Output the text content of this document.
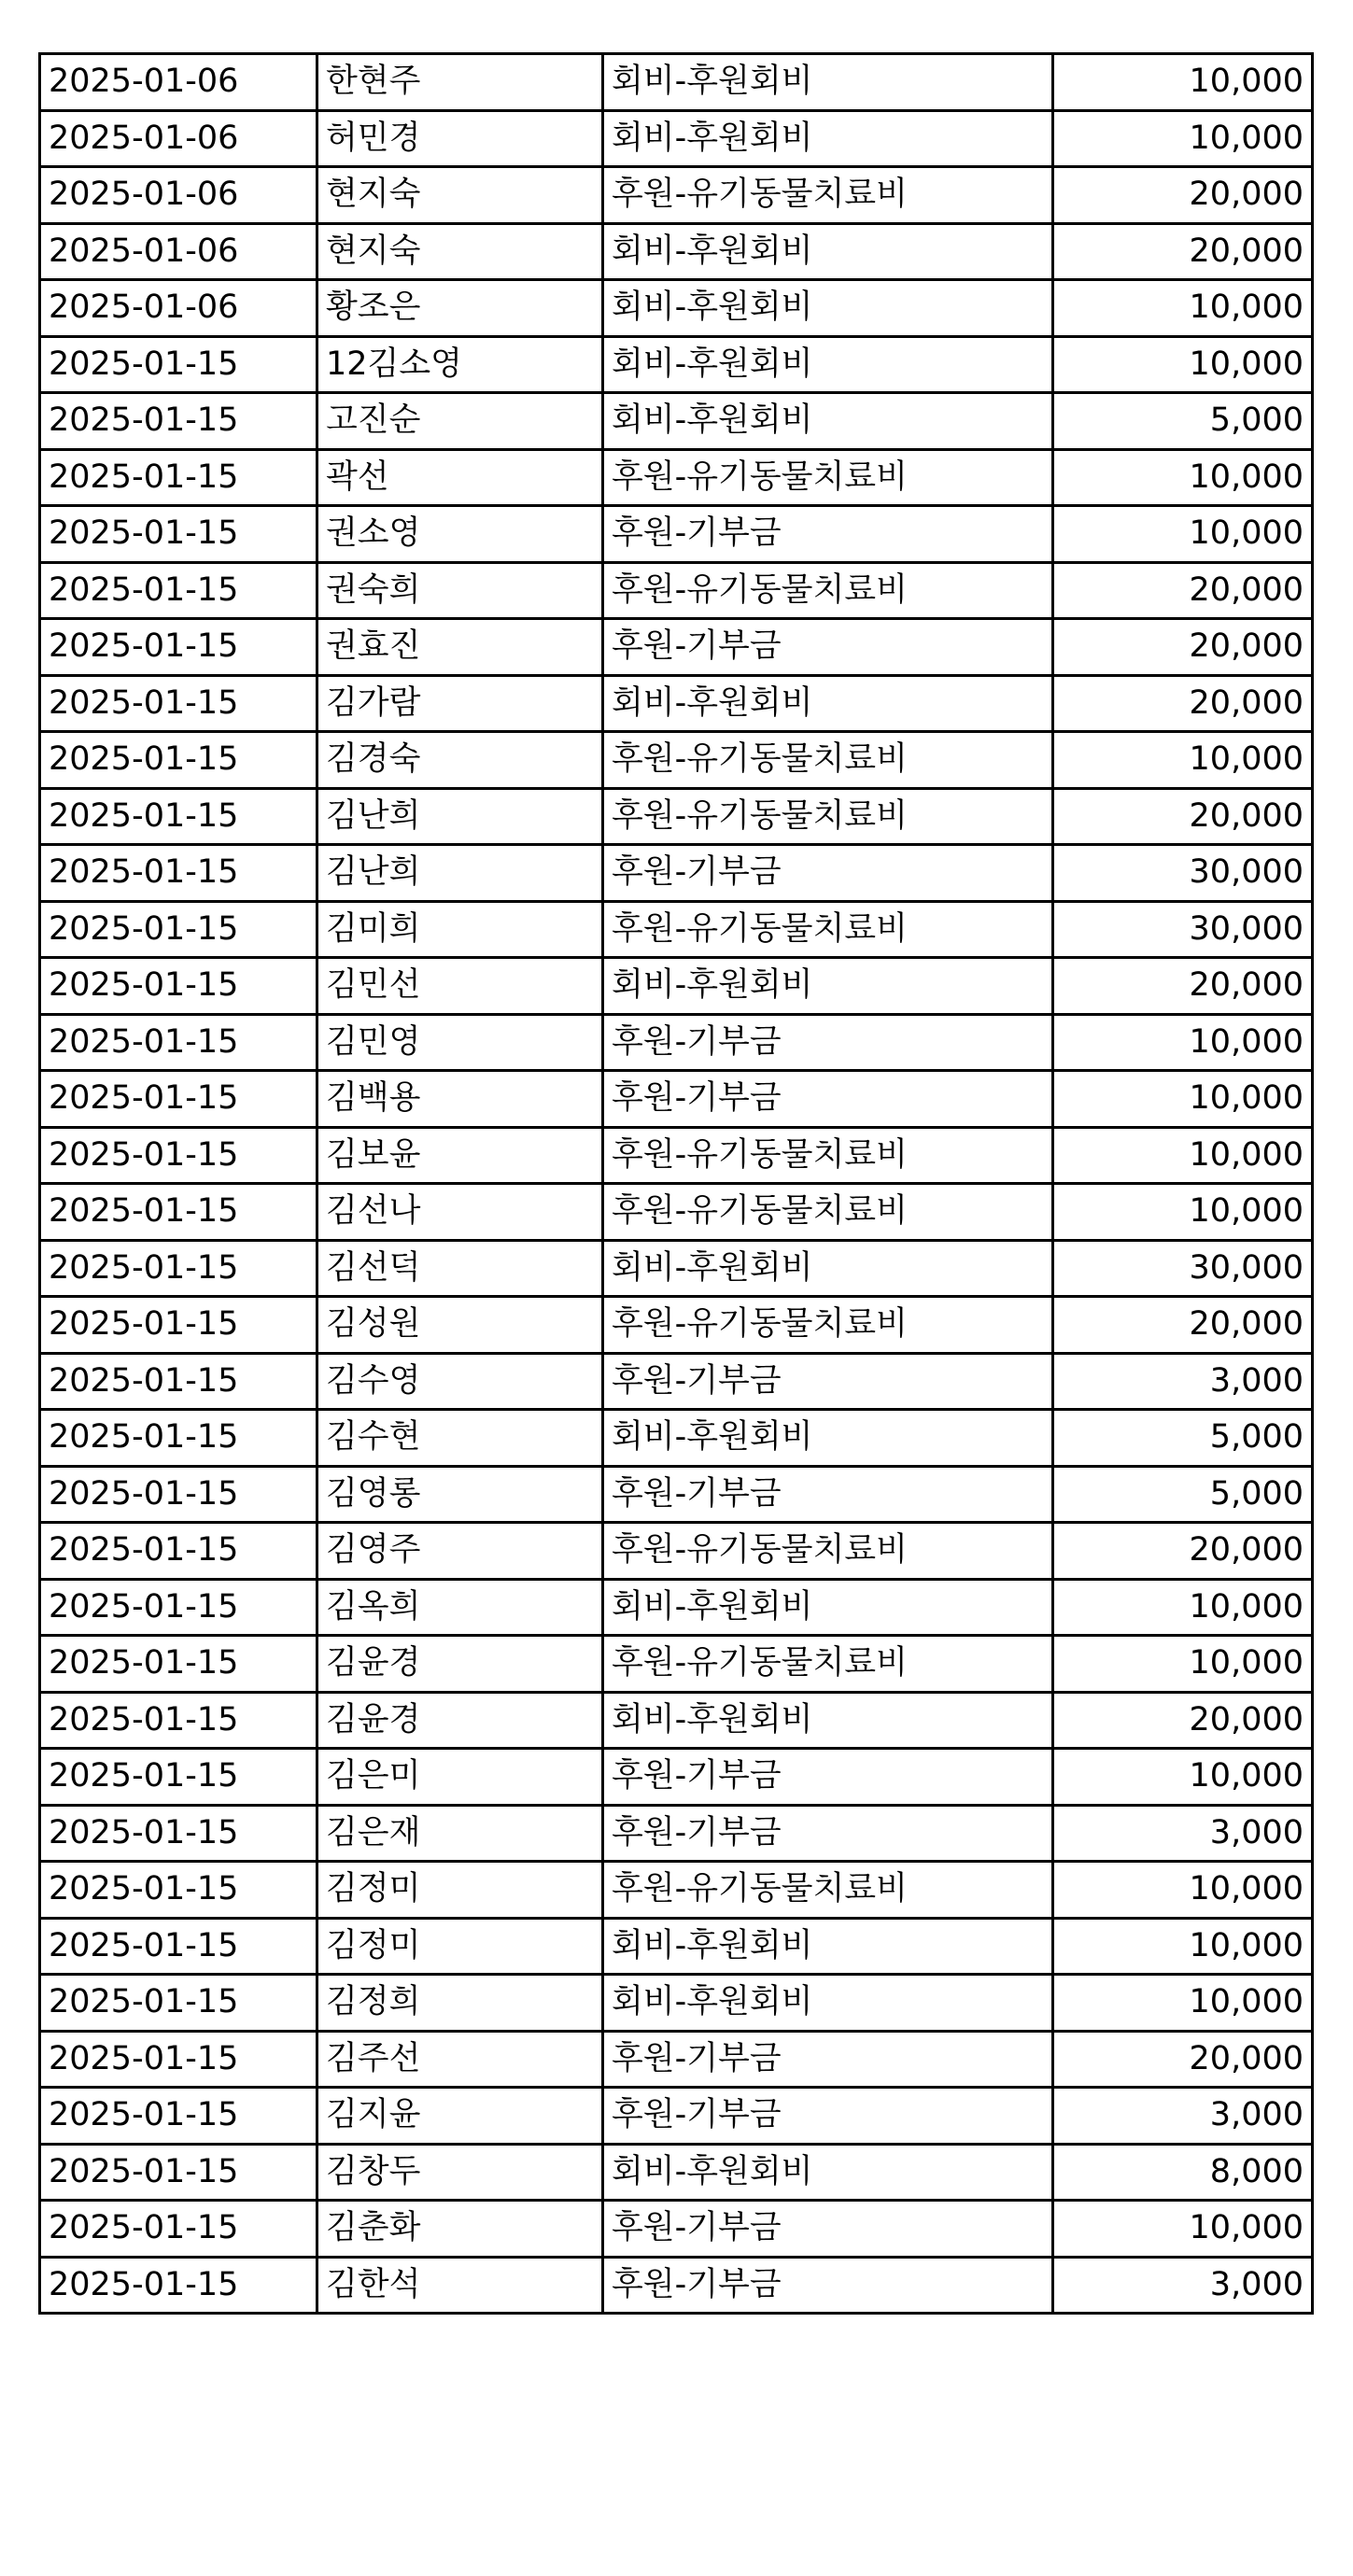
2025-01-06	한현주	회비-후원회비	10,000
2025-01-06	허민경	회비-후원회비	10,000
2025-01-06	현지숙	후원-유기동물치료비	20,000
2025-01-06	현지숙	회비-후원회비	20,000
2025-01-06	황조은	회비-후원회비	10,000
2025-01-15	12김소영	회비-후원회비	10,000
2025-01-15	고진순	회비-후원회비	5,000
2025-01-15	곽선	후원-유기동물치료비	10,000
2025-01-15	권소영	후원-기부금	10,000
2025-01-15	권숙희	후원-유기동물치료비	20,000
2025-01-15	권효진	후원-기부금	20,000
2025-01-15	김가람	회비-후원회비	20,000
2025-01-15	김경숙	후원-유기동물치료비	10,000
2025-01-15	김난희	후원-유기동물치료비	20,000
2025-01-15	김난희	후원-기부금	30,000
2025-01-15	김미희	후원-유기동물치료비	30,000
2025-01-15	김민선	회비-후원회비	20,000
2025-01-15	김민영	후원-기부금	10,000
2025-01-15	김백용	후원-기부금	10,000
2025-01-15	김보윤	후원-유기동물치료비	10,000
2025-01-15	김선나	후원-유기동물치료비	10,000
2025-01-15	김선덕	회비-후원회비	30,000
2025-01-15	김성원	후원-유기동물치료비	20,000
2025-01-15	김수영	후원-기부금	3,000
2025-01-15	김수현	회비-후원회비	5,000
2025-01-15	김영롱	후원-기부금	5,000
2025-01-15	김영주	후원-유기동물치료비	20,000
2025-01-15	김옥희	회비-후원회비	10,000
2025-01-15	김윤경	후원-유기동물치료비	10,000
2025-01-15	김윤경	회비-후원회비	20,000
2025-01-15	김은미	후원-기부금	10,000
2025-01-15	김은재	후원-기부금	3,000
2025-01-15	김정미	후원-유기동물치료비	10,000
2025-01-15	김정미	회비-후원회비	10,000
2025-01-15	김정희	회비-후원회비	10,000
2025-01-15	김주선	후원-기부금	20,000
2025-01-15	김지윤	후원-기부금	3,000
2025-01-15	김창두	회비-후원회비	8,000
2025-01-15	김춘화	후원-기부금	10,000
2025-01-15	김한석	후원-기부금	3,000
